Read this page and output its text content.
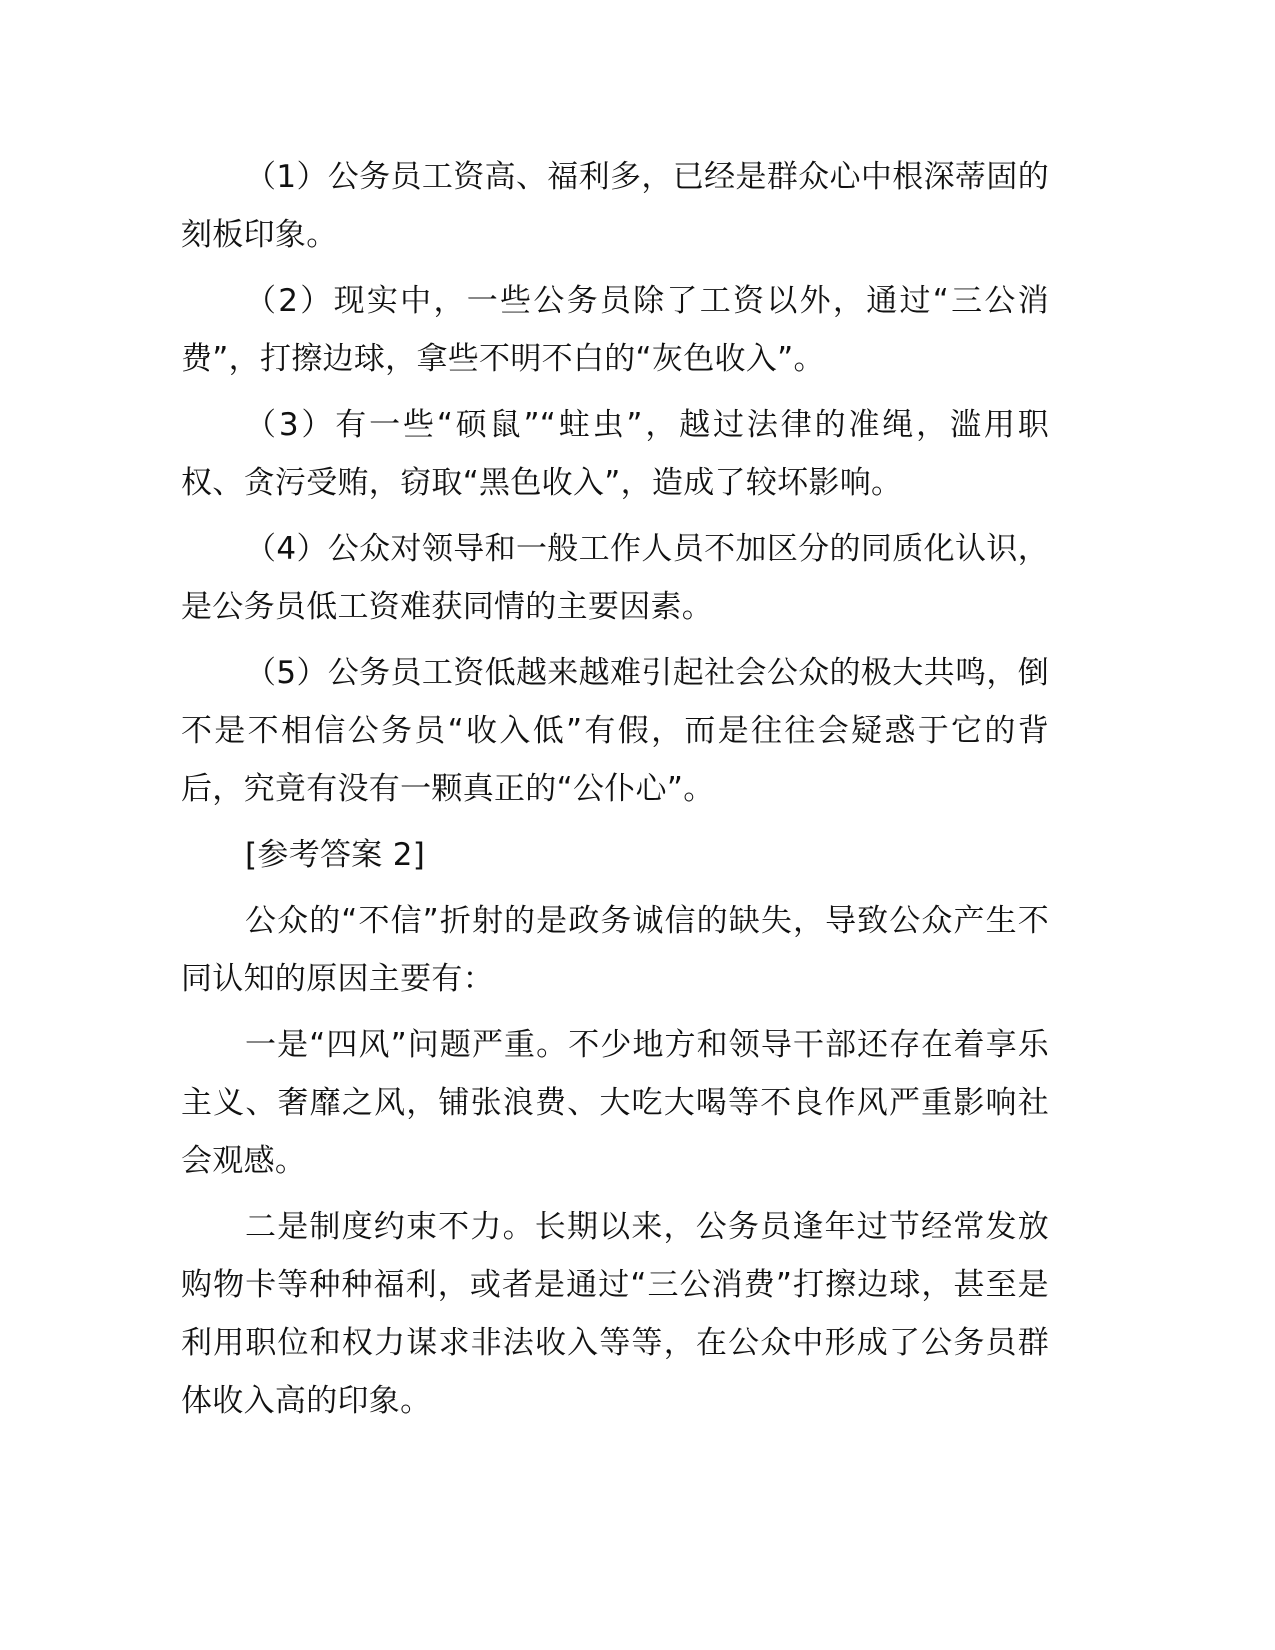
（1）公务员工资高、福利多，已经是群众心中根深蒂固的刻板印象。

（2）现实中，一些公务员除了工资以外，通过“三公消费”，打擦边球，拿些不明不白的“灰色收入”。

（3）有一些“硕鼠”“蛀虫”，越过法律的准绳，滥用职权、贪污受贿，窃取“黑色收入”，造成了较坏影响。

（4）公众对领导和一般工作人员不加区分的同质化认识，是公务员低工资难获同情的主要因素。

（5）公务员工资低越来越难引起社会公众的极大共鸣，倒不是不相信公务员“收入低”有假，而是往往会疑惑于它的背后，究竟有没有一颗真正的“公仆心”。

[参考答案 2]

公众的“不信”折射的是政务诚信的缺失，导致公众产生不同认知的原因主要有：

一是“四风”问题严重。不少地方和领导干部还存在着享乐主义、奢靡之风，铺张浪费、大吃大喝等不良作风严重影响社会观感。

二是制度约束不力。长期以来，公务员逢年过节经常发放购物卡等种种福利，或者是通过“三公消费”打擦边球，甚至是利用职位和权力谋求非法收入等等，在公众中形成了公务员群体收入高的印象。
